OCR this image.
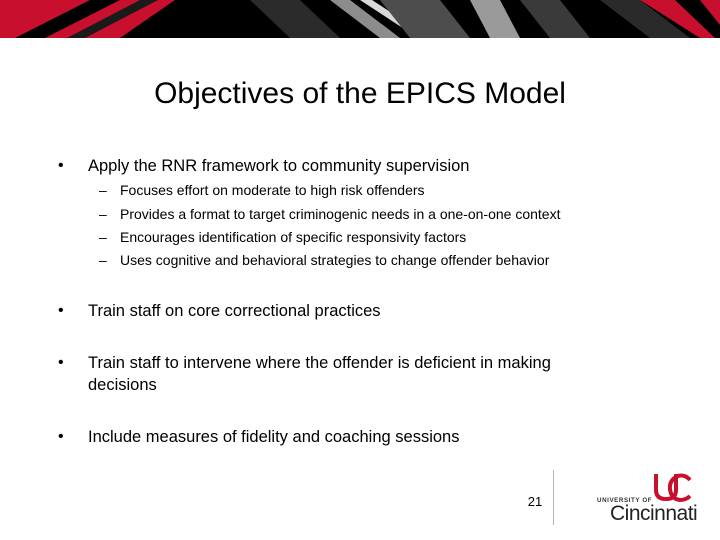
Objectives of the EPICS Model
• Apply the RNR framework to community supervision
– Focuses effort on moderate to high risk offenders
– Provides a format to target criminogenic needs in a one-on-one context
– Encourages identification of specific responsivity factors
– Uses cognitive and behavioral strategies to change offender behavior
• Train staff on core correctional practices
• Train staff to intervene where the offender is deficient in making decisions
• Include measures of fidelity and coaching sessions
21	UNIVERSITY OF
Cincinnati
